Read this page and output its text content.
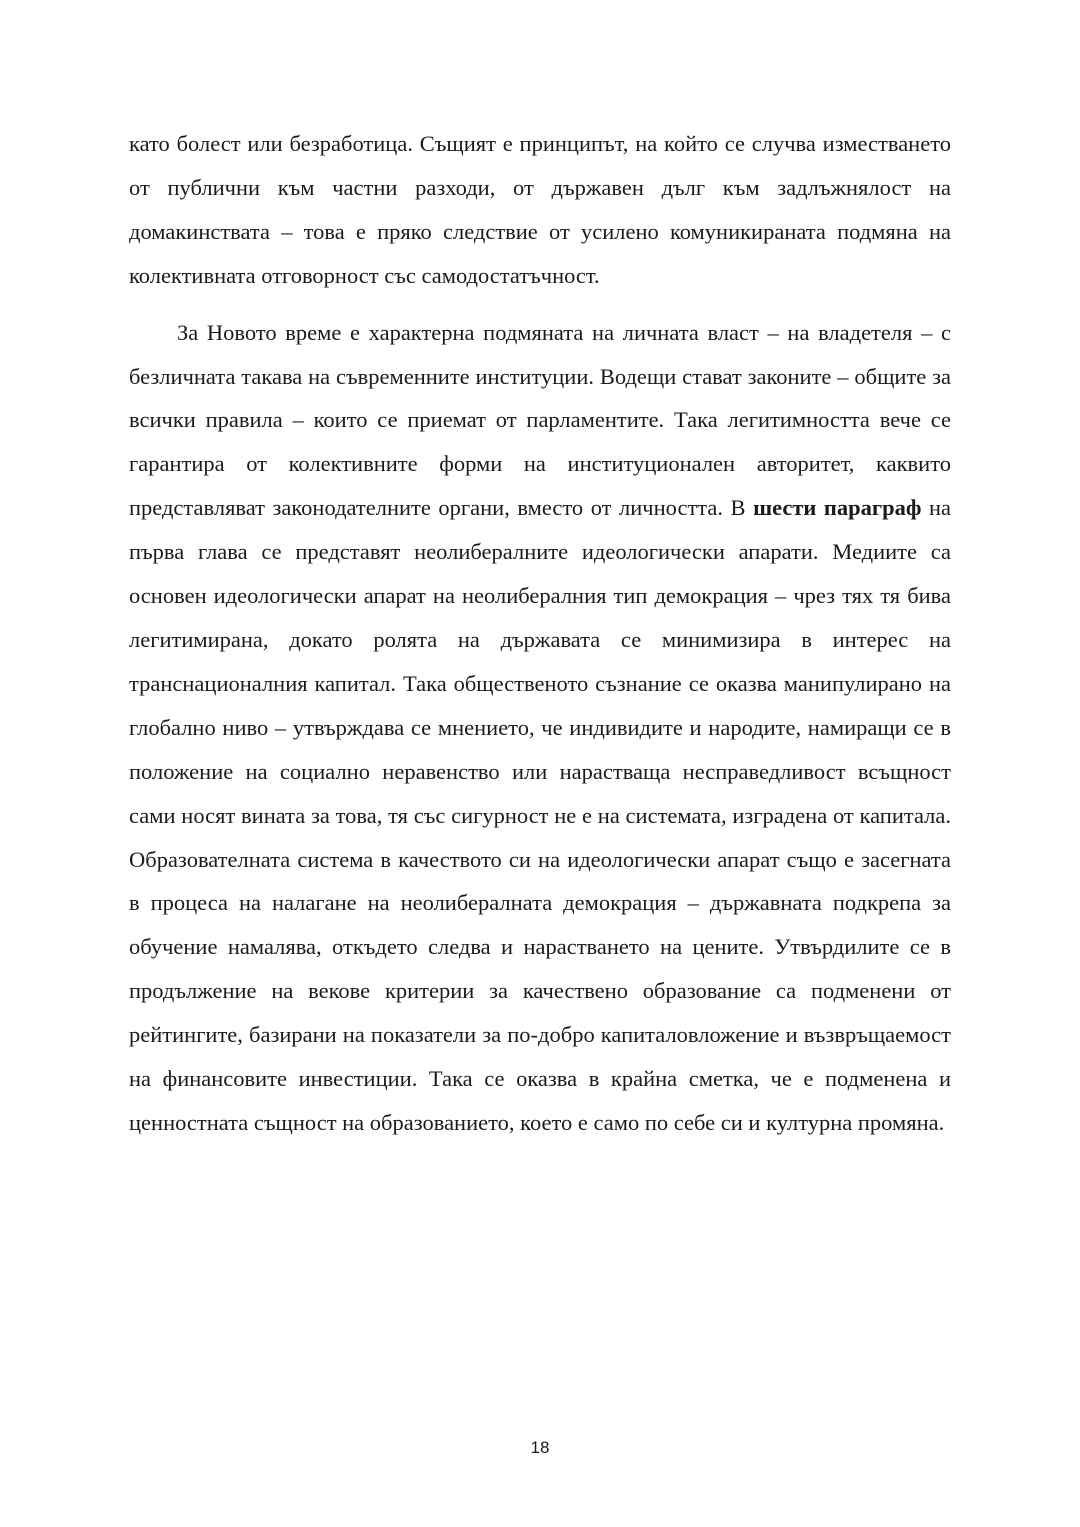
като болест или безработица. Същият е принципът, на който се случва изместването от публични към частни разходи, от държавен дълг към задлъжнялост на домакинствата – това е пряко следствие от усилено комуникираната подмяна на колективната отговорност със самодостатъчност.

За Новото време е характерна подмяната на личната власт – на владетеля – с безличната такава на съвременните институции. Водещи стават законите – общите за всички правила – които се приемат от парламентите. Така легитимността вече се гарантира от колективните форми на институционален авторитет, каквито представляват законодателните органи, вместо от личността. В шести параграф на първа глава се представят неолибералните идеологически апарати. Медиите са основен идеологически апарат на неолибералния тип демокрация – чрез тях тя бива легитимирана, докато ролята на държавата се минимизира в интерес на транснационалния капитал. Така общественото съзнание се оказва манипулирано на глобално ниво – утвърждава се мнението, че индивидите и народите, намиращи се в положение на социално неравенство или нарастваща несправедливост всъщност сами носят вината за това, тя със сигурност не е на системата, изградена от капитала. Образователната система в качеството си на идеологически апарат също е засегната в процеса на налагане на неолибералната демокрация – държавната подкрепа за обучение намалява, откъдето следва и нарастването на цените. Утвърдилите се в продължение на векове критерии за качествено образование са подменени от рейтингите, базирани на показатели за по-добро капиталовложение и възвръщаемост на финансовите инвестиции. Така се оказва в крайна сметка, че е подменена и ценностната същност на образованието, което е само по себе си и културна промяна.

18
